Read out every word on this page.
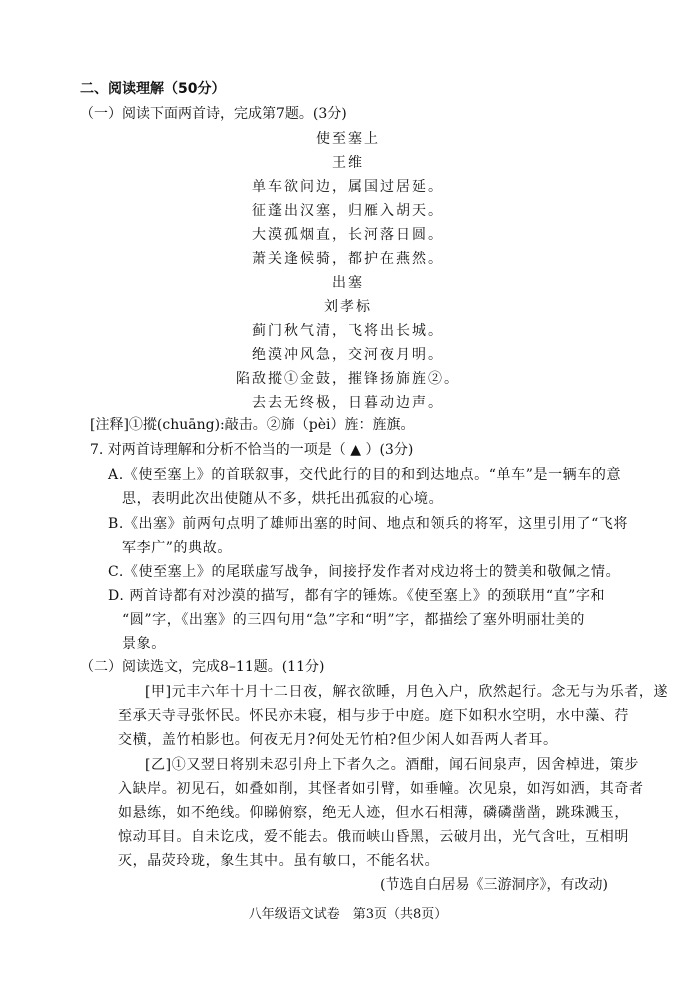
二、阅读理解（50分）
（一）阅读下面两首诗，完成第7题。(3分)
使至塞上
王维
单车欲问边，属国过居延。
征蓬出汉塞，归雁入胡天。
大漠孤烟直，长河落日圆。
萧关逢候骑，都护在燕然。
出塞
刘孝标
蓟门秋气清，飞将出长城。
绝漠冲风急，交河夜月明。
陷敌摐①金鼓，摧锋扬旆旌②。
去去无终极，日暮动边声。
[注释]①摐(chuāng):敲击。②旆（pèi）旌：旌旗。
7. 对两首诗理解和分析不恰当的一项是（ ▲ ）(3分)
A.《使至塞上》的首联叙事，交代此行的目的和到达地点。“单车”是一辆车的意
思，表明此次出使随从不多，烘托出孤寂的心境。
B.《出塞》前两句点明了雄师出塞的时间、地点和领兵的将军，这里引用了“飞将
军李广”的典故。
C.《使至塞上》的尾联虚写战争，间接抒发作者对戍边将士的赞美和敬佩之情。
D. 两首诗都有对沙漠的描写，都有字的锤炼。《使至塞上》的颈联用“直”字和
“圆”字，《出塞》的三四句用“急”字和“明”字，都描绘了塞外明丽壮美的
景象。
（二）阅读选文，完成8–11题。(11分)
[甲]元丰六年十月十二日夜，解衣欲睡，月色入户，欣然起行。念无与为乐者，遂
至承天寺寻张怀民。怀民亦未寝，相与步于中庭。庭下如积水空明，水中藻、荇
交横，盖竹柏影也。何夜无月?何处无竹柏?但少闲人如吾两人者耳。
[乙]①又翌日将别未忍引舟上下者久之。酒酣，闻石间泉声，因舍棹进，策步
入缺岸。初见石，如叠如削，其怪者如引臂，如垂幢。次见泉，如泻如洒，其奇者
如悬练，如不绝线。仰睇俯察，绝无人迹，但水石相薄，磷磷凿凿，跳珠溅玉，
惊动耳目。自未讫戌，爱不能去。俄而峡山昏黑，云破月出，光气含吐，互相明
灭，晶荧玲珑，象生其中。虽有敏口，不能名状。
(节选自白居易《三游洞序》，有改动)
八年级语文试卷　第3页（共8页）
